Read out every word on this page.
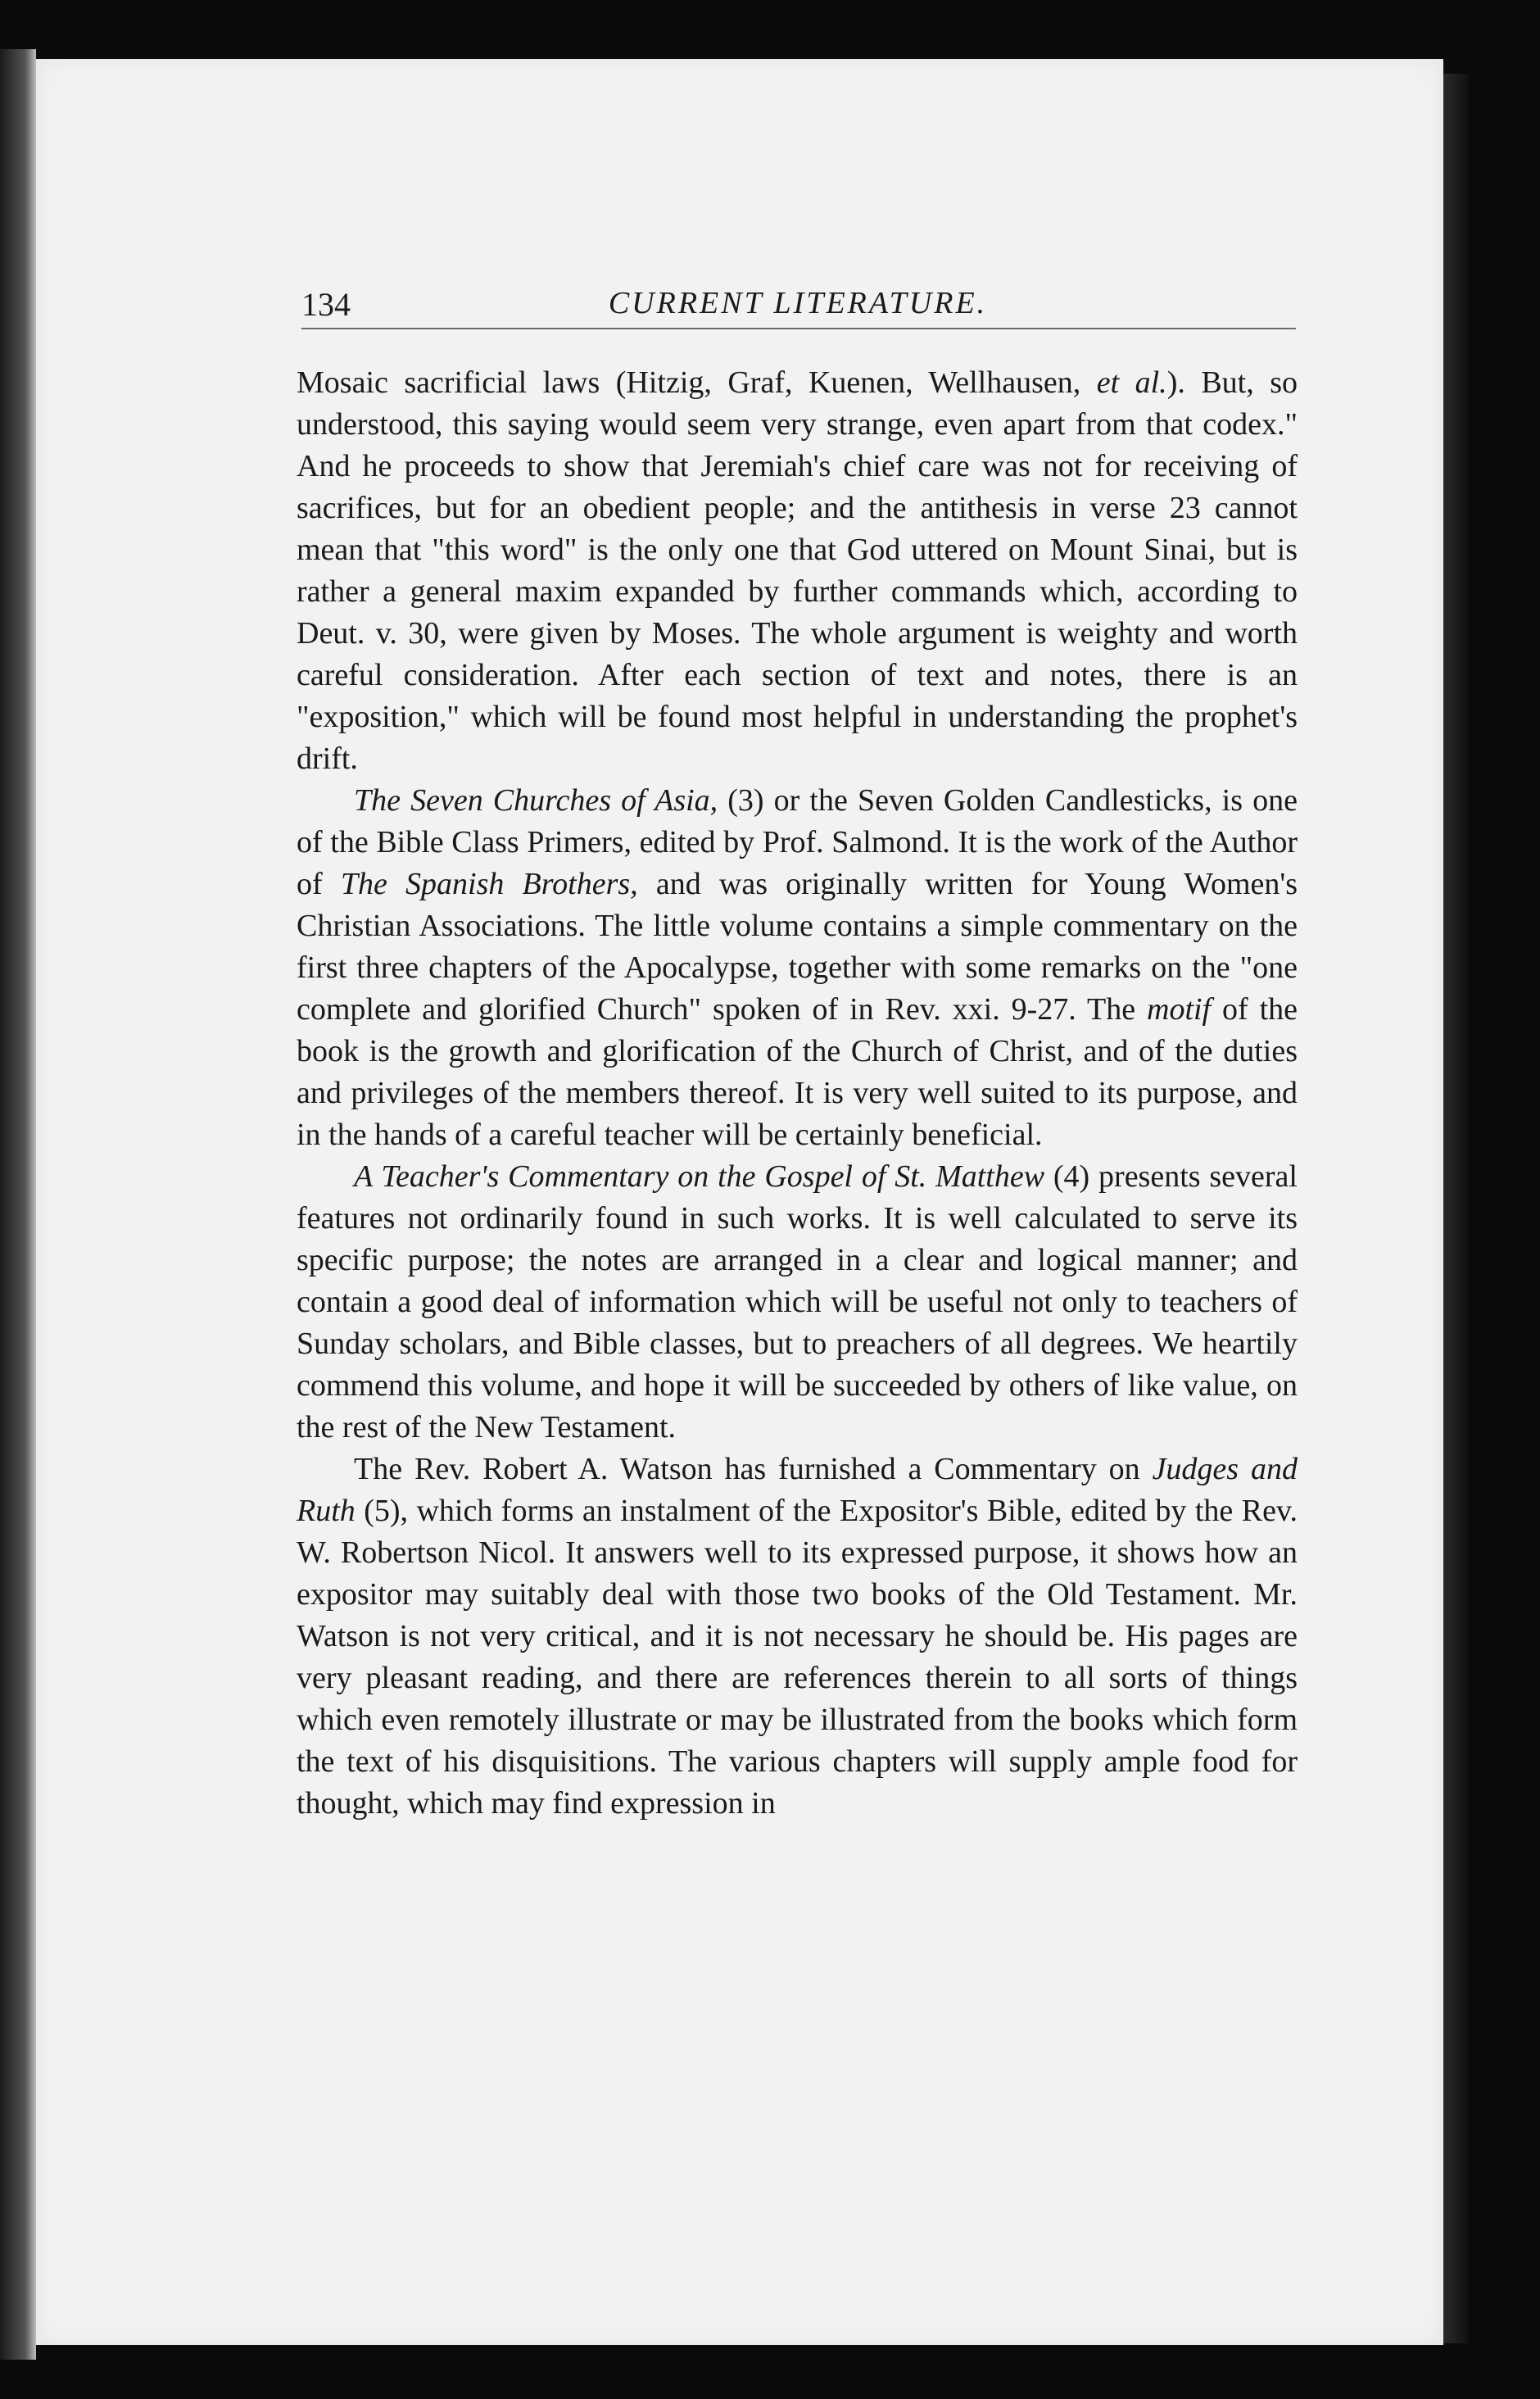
134	CURRENT LITERATURE.

Mosaic sacrificial laws (Hitzig, Graf, Kuenen, Wellhausen, et al.). But, so understood, this saying would seem very strange, even apart from that codex." And he proceeds to show that Jeremiah's chief care was not for receiving of sacrifices, but for an obedient people; and the antithesis in verse 23 cannot mean that "this word" is the only one that God uttered on Mount Sinai, but is rather a general maxim expanded by further commands which, according to Deut. v. 30, were given by Moses. The whole argument is weighty and worth careful consideration. After each section of text and notes, there is an "exposition," which will be found most helpful in understanding the prophet's drift.

The Seven Churches of Asia, (3) or the Seven Golden Candlesticks, is one of the Bible Class Primers, edited by Prof. Salmond. It is the work of the Author of The Spanish Brothers, and was originally written for Young Women's Christian Associations. The little volume contains a simple commentary on the first three chapters of the Apocalypse, together with some remarks on the "one complete and glorified Church" spoken of in Rev. xxi. 9-27. The motif of the book is the growth and glorification of the Church of Christ, and of the duties and privileges of the members thereof. It is very well suited to its purpose, and in the hands of a careful teacher will be certainly beneficial.

A Teacher's Commentary on the Gospel of St. Matthew (4) presents several features not ordinarily found in such works. It is well calculated to serve its specific purpose; the notes are arranged in a clear and logical manner; and contain a good deal of information which will be useful not only to teachers of Sunday scholars, and Bible classes, but to preachers of all degrees. We heartily commend this volume, and hope it will be succeeded by others of like value, on the rest of the New Testament.

The Rev. Robert A. Watson has furnished a Commentary on Judges and Ruth (5), which forms an instalment of the Expositor's Bible, edited by the Rev. W. Robertson Nicol. It answers well to its expressed purpose, it shows how an expositor may suitably deal with those two books of the Old Testament. Mr. Watson is not very critical, and it is not necessary he should be. His pages are very pleasant reading, and there are references therein to all sorts of things which even remotely illustrate or may be illustrated from the books which form the text of his disquisitions. The various chapters will supply ample food for thought, which may find expression in
